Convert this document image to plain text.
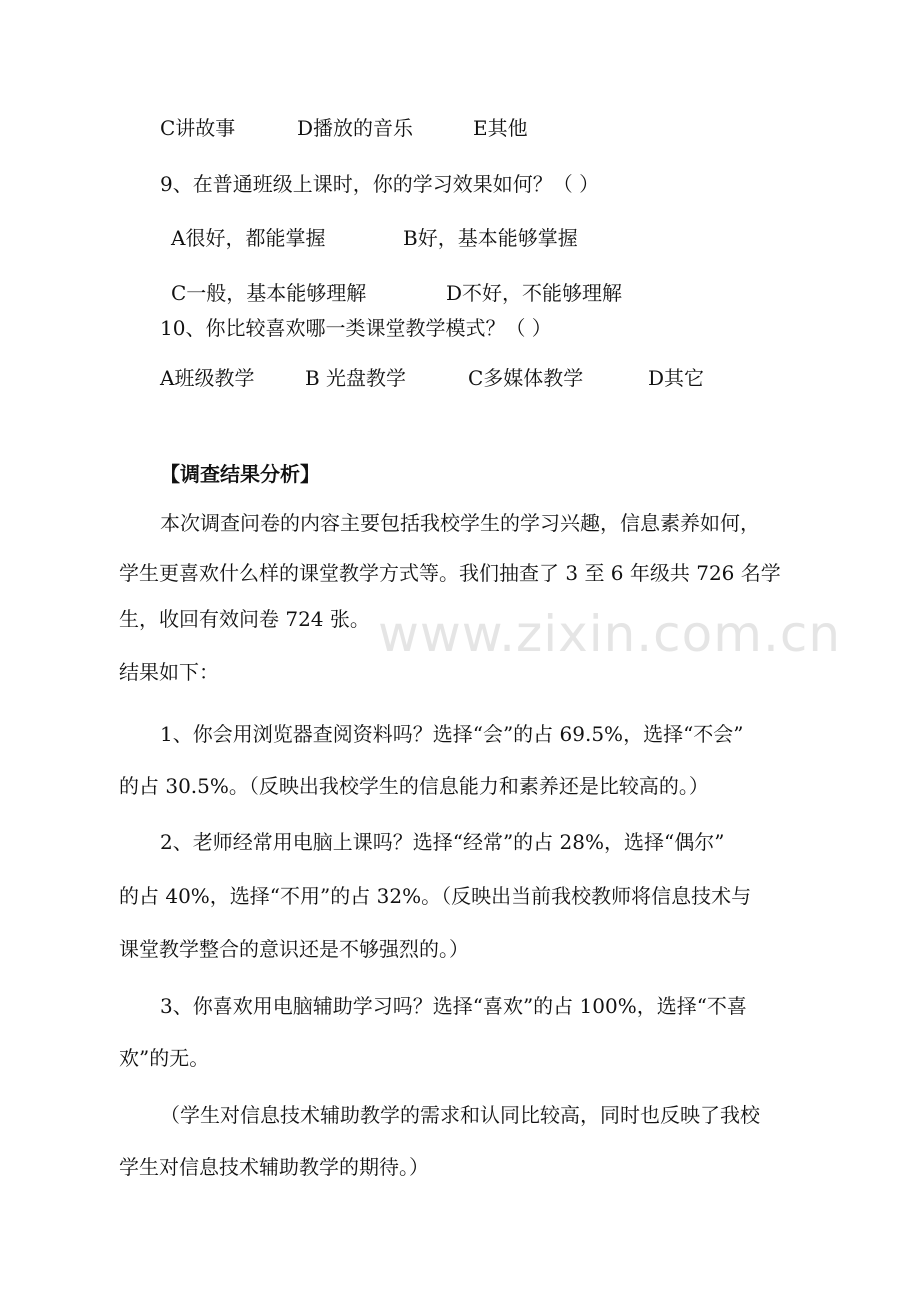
C讲故事	D播放的音乐	E其他
9、在普通班级上课时，你的学习效果如何？（ ）
A很好，都能掌握	B好，基本能够掌握
C一般，基本能够理解	D不好，不能够理解
10、你比较喜欢哪一类课堂教学模式？（ ）
A班级教学	B 光盘教学	C多媒体教学	D其它
【调查结果分析】
本次调查问卷的内容主要包括我校学生的学习兴趣，信息素养如何，
学生更喜欢什么样的课堂教学方式等。我们抽查了 3 至 6 年级共 726 名学
生，收回有效问卷 724 张。
结果如下：
1、你会用浏览器查阅资料吗？选择“会”的占 69.5%，选择“不会”
的占 30.5%。（反映出我校学生的信息能力和素养还是比较高的。）
2、老师经常用电脑上课吗？选择“经常”的占 28%，选择“偶尔”
的占 40%，选择“不用”的占 32%。（反映出当前我校教师将信息技术与
课堂教学整合的意识还是不够强烈的。）
3、你喜欢用电脑辅助学习吗？选择“喜欢”的占 100%，选择“不喜
欢”的无。
（学生对信息技术辅助教学的需求和认同比较高，同时也反映了我校
学生对信息技术辅助教学的期待。）
www.zixin.com.cn
